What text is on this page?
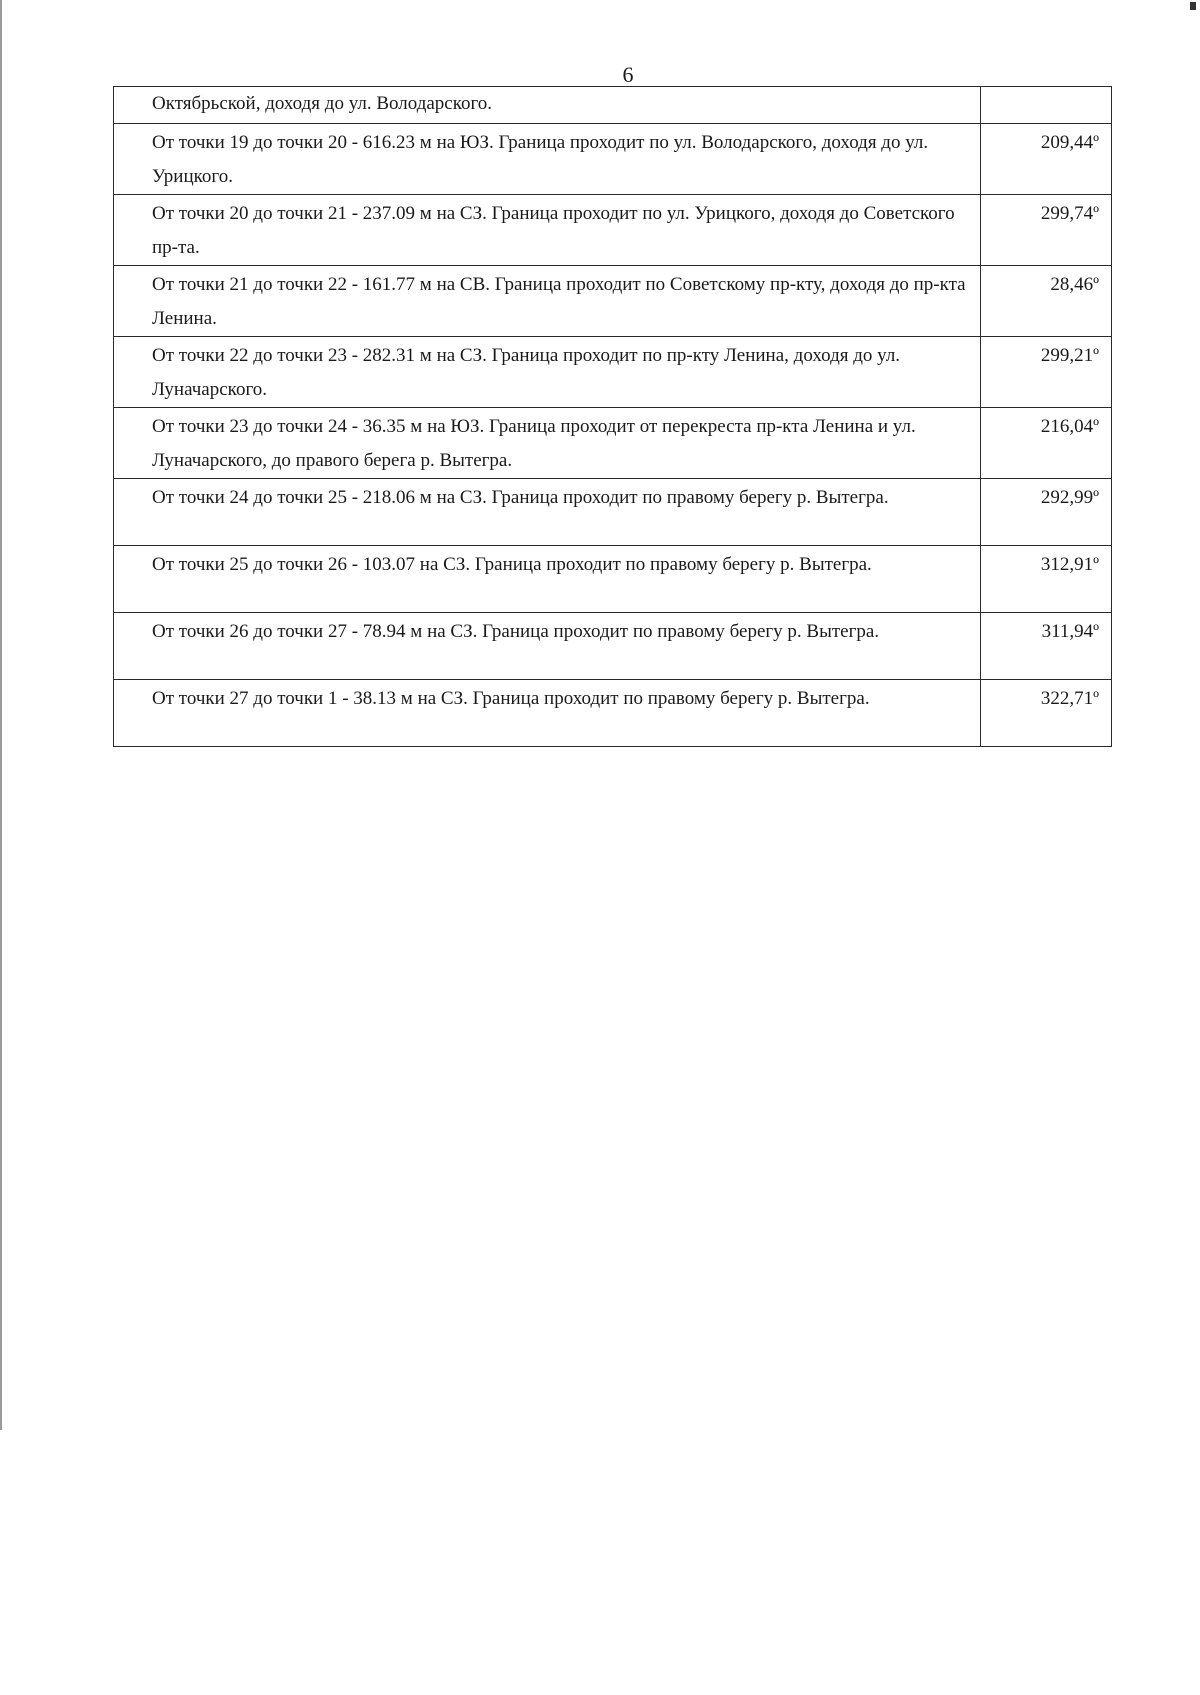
6
Октябрьской, доходя до ул. Володарского.	
От точки 19 до точки 20 - 616.23 м на ЮЗ. Граница проходит по ул. Володарского, доходя до ул. Урицкого.	209,44º
От точки 20 до точки 21 - 237.09 м на СЗ. Граница проходит по ул. Урицкого, доходя до Советского пр-та.	299,74º
От точки 21 до точки 22 - 161.77 м на СВ. Граница проходит по Советскому пр-кту, доходя до пр-кта Ленина.	28,46º
От точки 22 до точки 23 - 282.31 м на СЗ. Граница проходит по пр-кту Ленина, доходя до ул. Луначарского.	299,21º
От точки 23 до точки 24 - 36.35 м на ЮЗ. Граница проходит от перекреста пр-кта Ленина и ул. Луначарского, до правого берега р. Вытегра.	216,04º
От точки 24 до точки 25 - 218.06 м на СЗ. Граница проходит по правому берегу р. Вытегра.	292,99º
От точки 25 до точки 26 - 103.07 на СЗ. Граница проходит по правому берегу р. Вытегра.	312,91º
От точки 26 до точки 27 - 78.94 м на СЗ. Граница проходит по правому берегу р. Вытегра.	311,94º
От точки 27 до точки 1 - 38.13 м на СЗ. Граница проходит по правому берегу р. Вытегра.	322,71º
